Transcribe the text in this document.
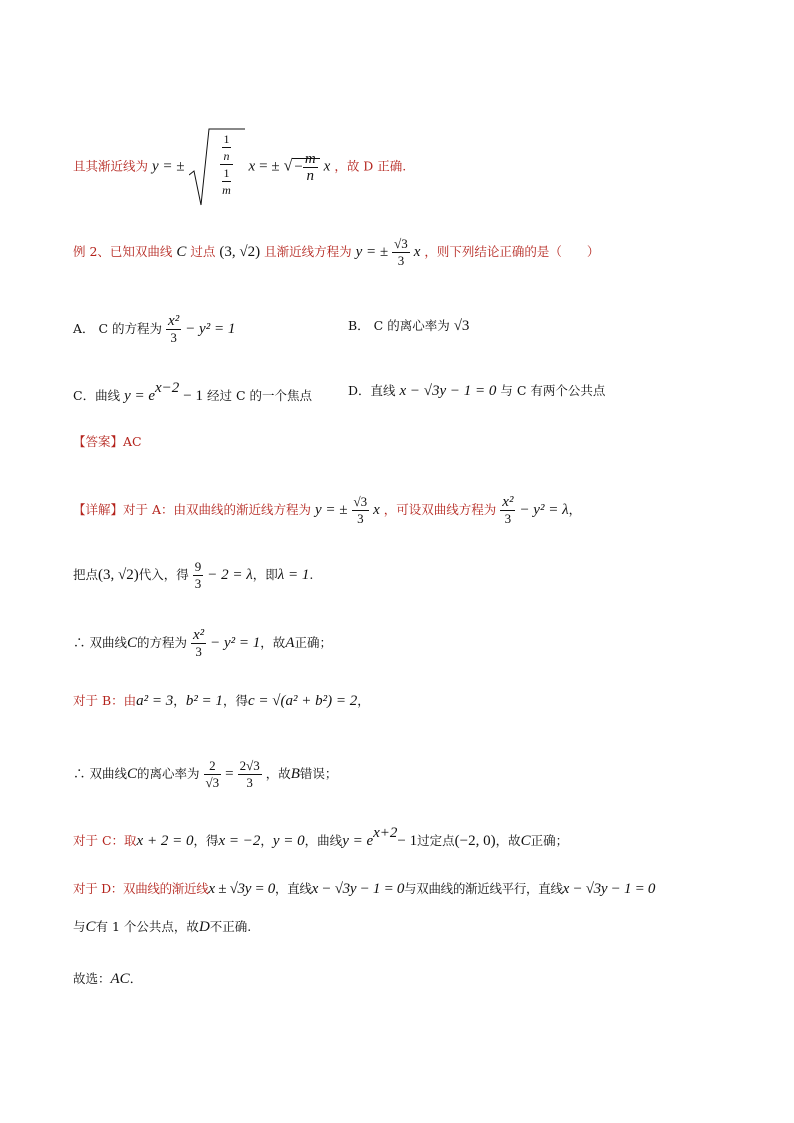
且其渐近线为 y = ±	1
n
1
m x = ± √ − $\frac{m}{n}$ x ，故 D 正确.
例 2、已知双曲线 C 过点 (3, √2) 且渐近线方程为 y = ± $\frac{√3}{3}$ x ，则下列结论正确的是（　　）
A． C 的方程为 $\frac{\text{x²}}{3} - y^2 = 1$	B． C 的离心率为 √3
C．曲线 $y = e^{x-2} - 1$ 经过 C 的一个焦点	D．直线 x − √3y − 1 = 0 与 C 有两个公共点
【答案】AC
【详解】对于 A：由双曲线的渐近线方程为 y = ± $\frac{√3}{3}$ x ，可设双曲线方程为 $\frac{\text{x²}}{3} - y^2 = \lambda$，
把点(3, √2)代入，得 $\frac{9}{3} - 2 = \lambda$，即λ = 1.
∴ 双曲线C的方程为 $\frac{\text{x²}}{3} - y^2 = 1$，故A正确；
对于 B：由a² = 3，b² = 1，得c = √(a² + b²) = 2，
∴ 双曲线C的离心率为 $\frac{2}{√3} = \frac{2√3}{3}$ ，故B错误；
对于 C：取x + 2 = 0，得x = −2，y = 0，曲线$y = e^{x+2}- 1$过定点(−2, 0)，故C正确；
对于 D：双曲线的渐近线x ± √3y = 0，直线x − √3y − 1 = 0与双曲线的渐近线平行，直线x − √3y − 1 = 0
与C有 1 个公共点，故D不正确.
故选：AC．
